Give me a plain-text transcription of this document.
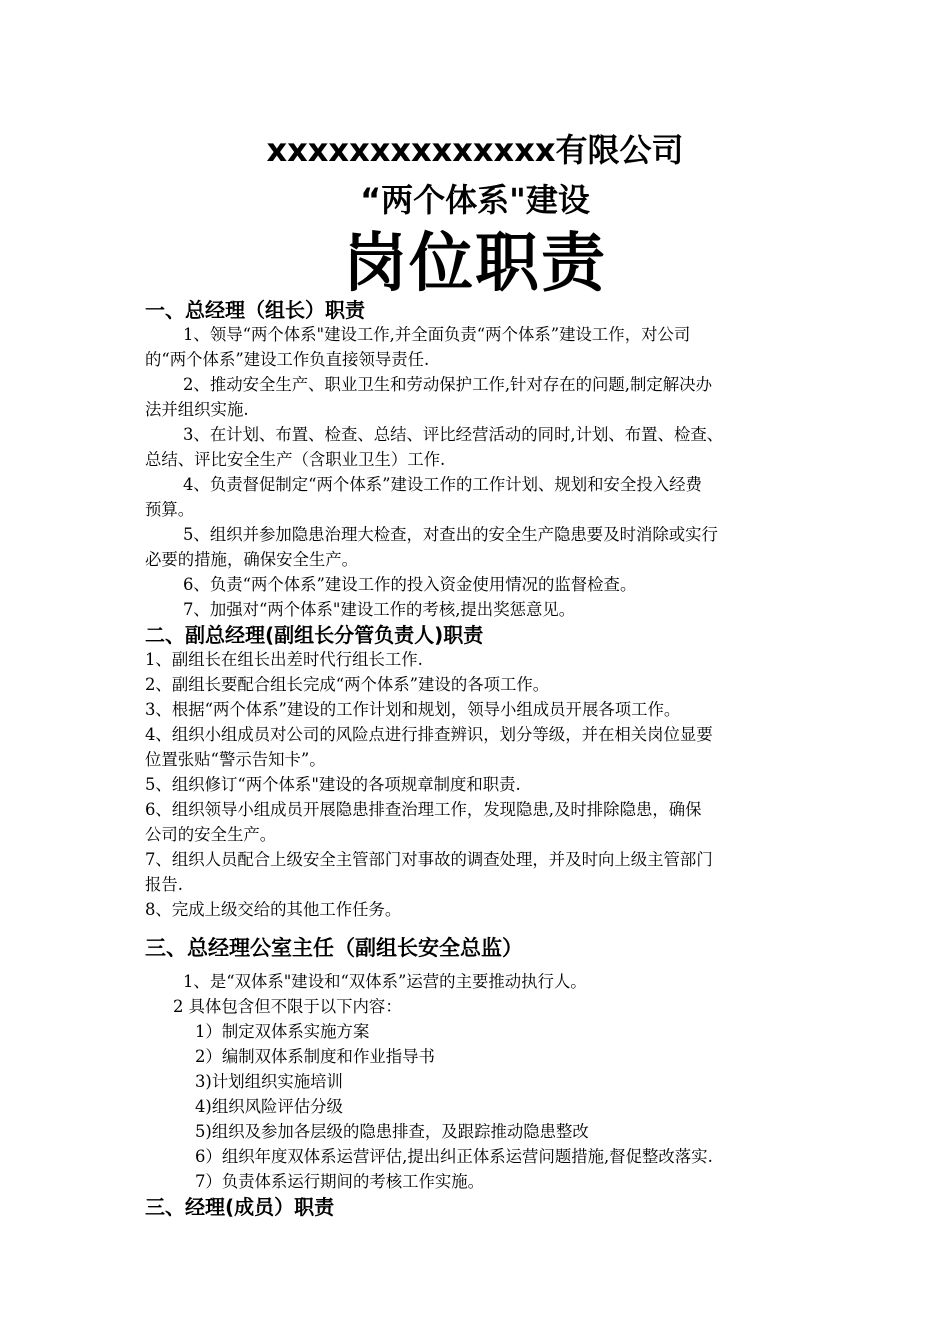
xxxxxxxxxxxxxx有限公司
“两个体系"建设
岗位职责
一、总经理（组长）职责
1、领导“两个体系"建设工作,并全面负责“两个体系”建设工作，对公司
的“两个体系”建设工作负直接领导责任.
2、推动安全生产、职业卫生和劳动保护工作,针对存在的问题,制定解决办
法并组织实施.
3、在计划、布置、检查、总结、评比经营活动的同时,计划、布置、检查、
总结、评比安全生产（含职业卫生）工作.
4、负责督促制定“两个体系”建设工作的工作计划、规划和安全投入经费
预算。
5、组织并参加隐患治理大检查，对查出的安全生产隐患要及时消除或实行
必要的措施，确保安全生产。
6、负责“两个体系”建设工作的投入资金使用情况的监督检查。
7、加强对“两个体系"建设工作的考核,提出奖惩意见。
二、副总经理(副组长分管负责人)职责
1、副组长在组长出差时代行组长工作.
2、副组长要配合组长完成“两个体系”建设的各项工作。
3、根据“两个体系”建设的工作计划和规划，领导小组成员开展各项工作。
4、组织小组成员对公司的风险点进行排查辨识，划分等级，并在相关岗位显要
位置张贴“警示告知卡”。
5、组织修订“两个体系"建设的各项规章制度和职责.
6、组织领导小组成员开展隐患排查治理工作，发现隐患,及时排除隐患，确保
公司的安全生产。
7、组织人员配合上级安全主管部门对事故的调查处理，并及时向上级主管部门
报告.
8、完成上级交给的其他工作任务。
三、总经理公室主任（副组长安全总监）
1、是“双体系"建设和“双体系”运营的主要推动执行人。
2 具体包含但不限于以下内容：
1）制定双体系实施方案
2）编制双体系制度和作业指导书
3)计划组织实施培训
4)组织风险评估分级
5)组织及参加各层级的隐患排查，及跟踪推动隐患整改
6）组织年度双体系运营评估,提出纠正体系运营问题措施,督促整改落实.
7）负责体系运行期间的考核工作实施。
三、经理(成员）职责
